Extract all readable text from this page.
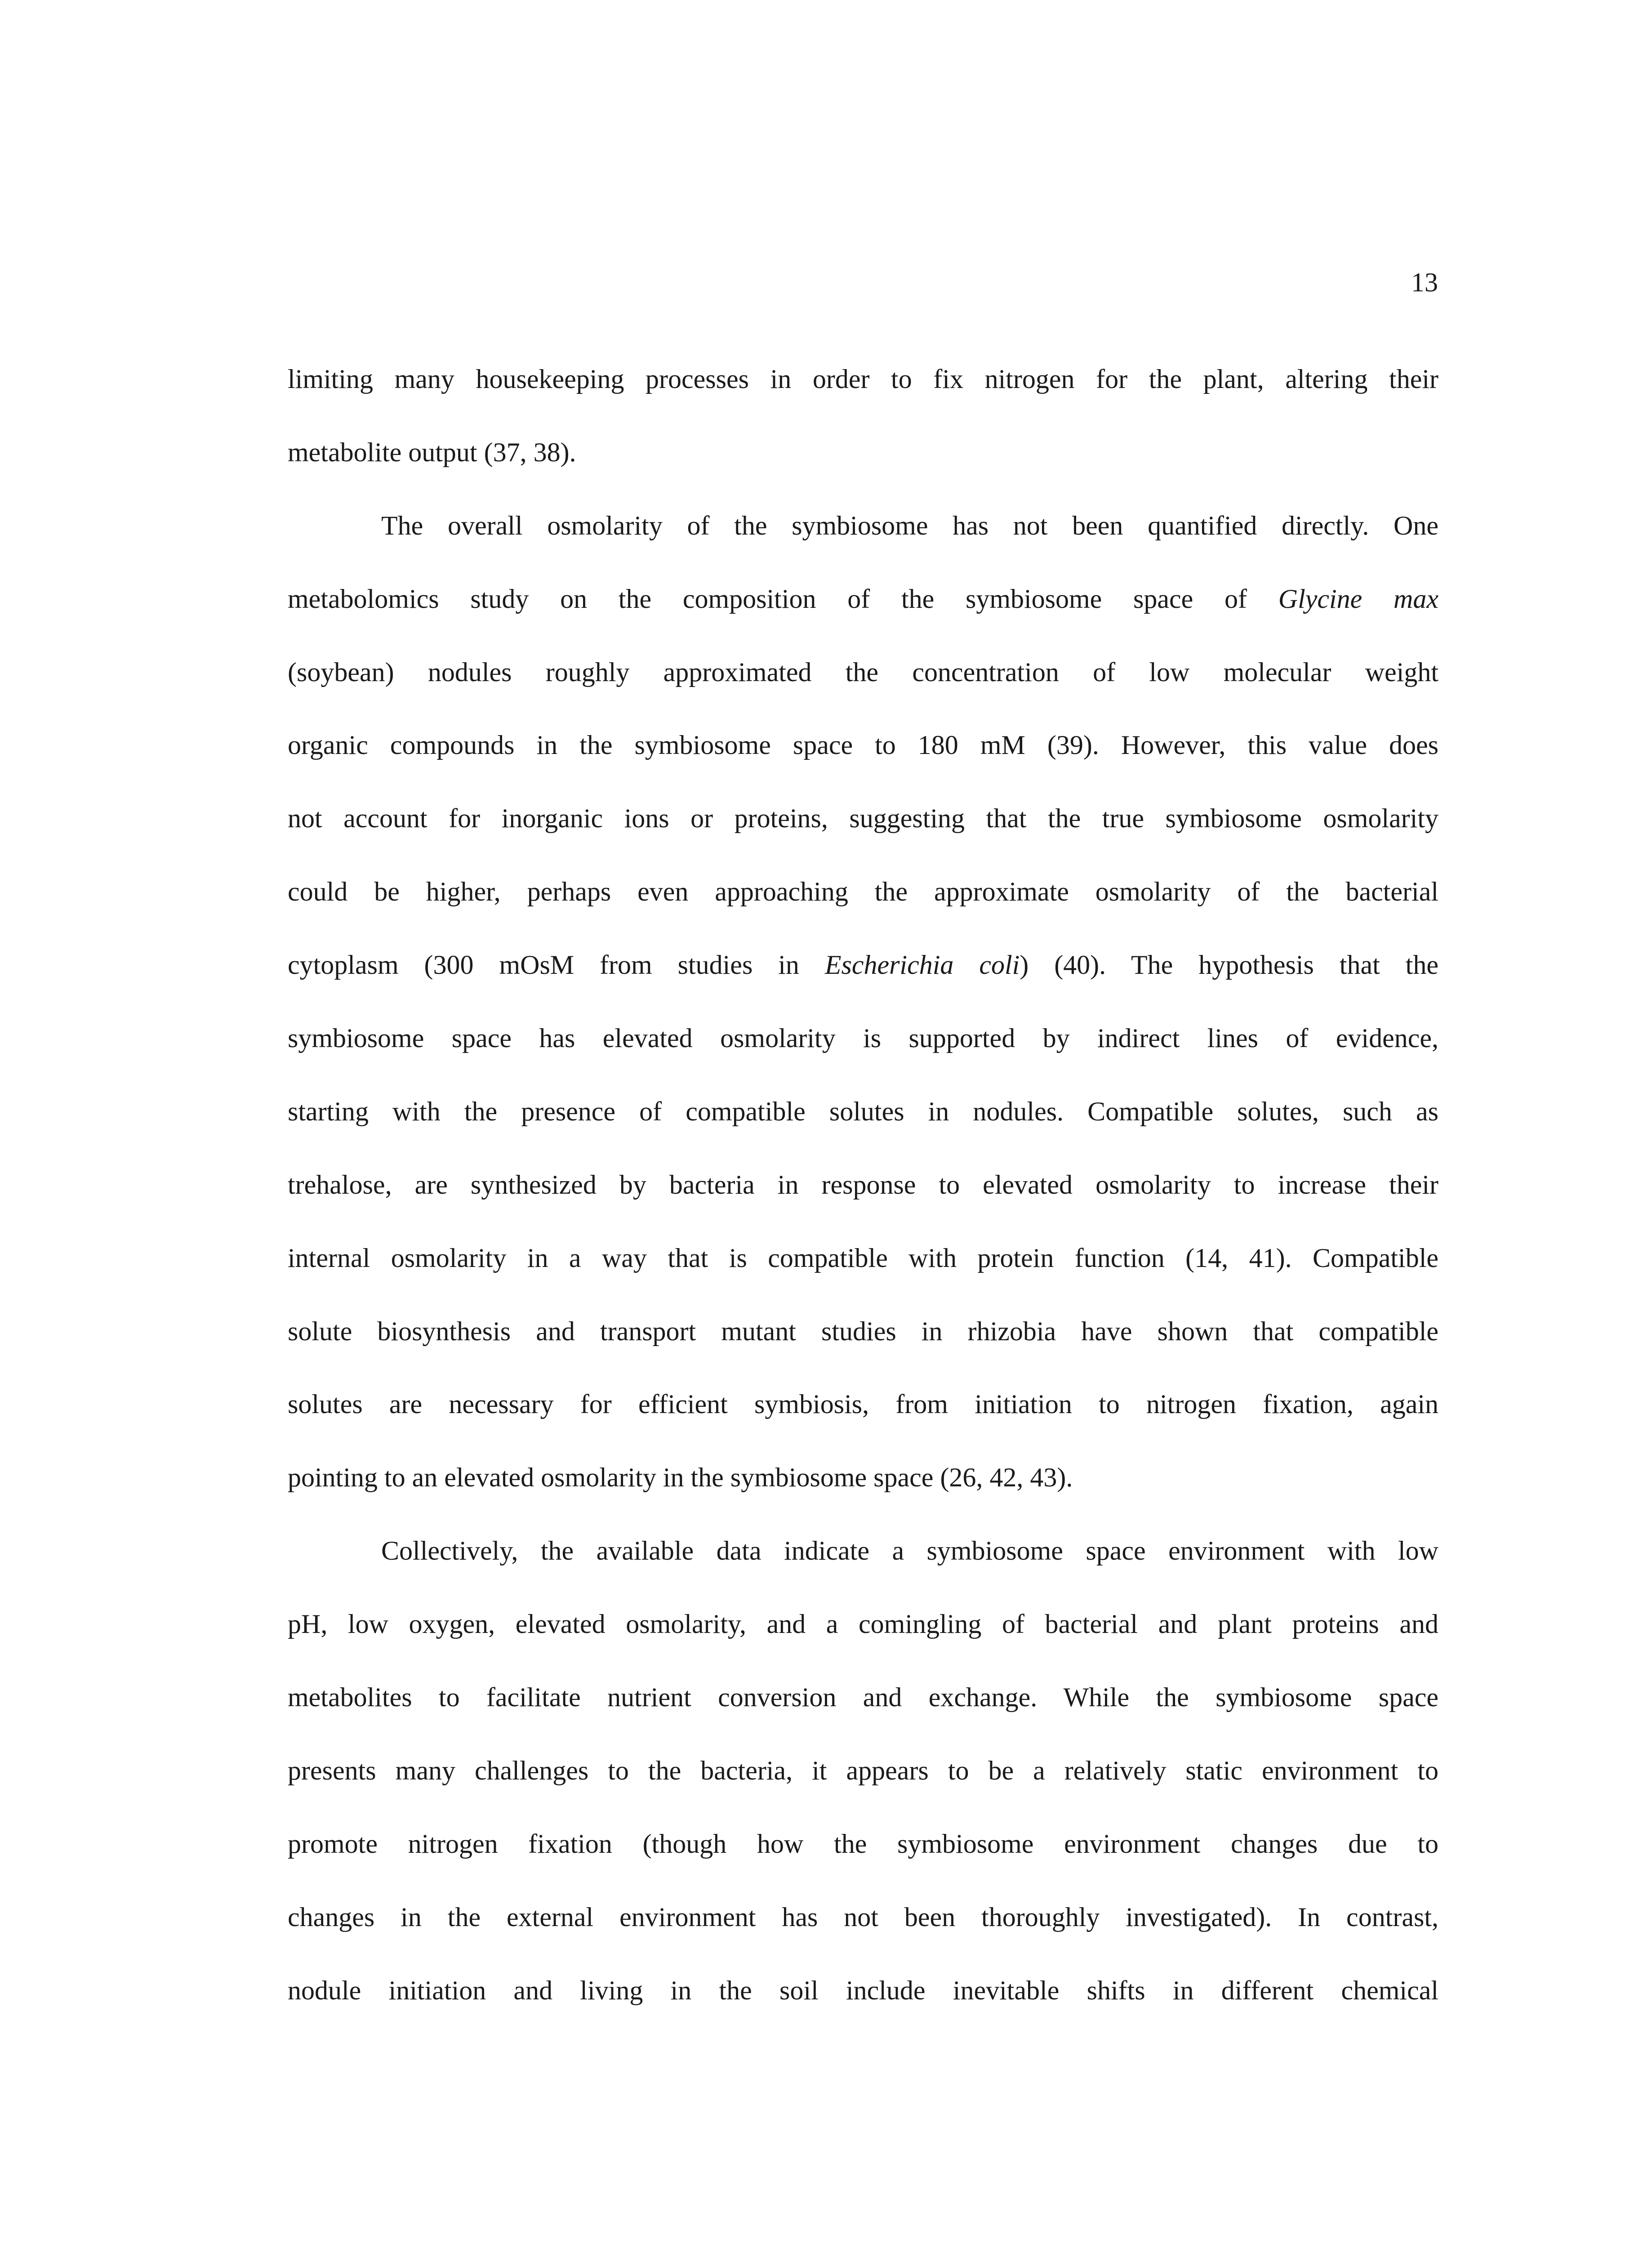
13
limiting many housekeeping processes in order to fix nitrogen for the plant, altering their
metabolite output (37, 38).
The overall osmolarity of the symbiosome has not been quantified directly. One
metabolomics study on the composition of the symbiosome space of Glycine max
(soybean) nodules roughly approximated the concentration of low molecular weight
organic compounds in the symbiosome space to 180 mM (39). However, this value does
not account for inorganic ions or proteins, suggesting that the true symbiosome osmolarity
could be higher, perhaps even approaching the approximate osmolarity of the bacterial
cytoplasm (300 mOsM from studies in Escherichia coli) (40). The hypothesis that the
symbiosome space has elevated osmolarity is supported by indirect lines of evidence,
starting with the presence of compatible solutes in nodules. Compatible solutes, such as
trehalose, are synthesized by bacteria in response to elevated osmolarity to increase their
internal osmolarity in a way that is compatible with protein function (14, 41). Compatible
solute biosynthesis and transport mutant studies in rhizobia have shown that compatible
solutes are necessary for efficient symbiosis, from initiation to nitrogen fixation, again
pointing to an elevated osmolarity in the symbiosome space (26, 42, 43).
Collectively, the available data indicate a symbiosome space environment with low
pH, low oxygen, elevated osmolarity, and a comingling of bacterial and plant proteins and
metabolites to facilitate nutrient conversion and exchange. While the symbiosome space
presents many challenges to the bacteria, it appears to be a relatively static environment to
promote nitrogen fixation (though how the symbiosome environment changes due to
changes in the external environment has not been thoroughly investigated). In contrast,
nodule initiation and living in the soil include inevitable shifts in different chemical
